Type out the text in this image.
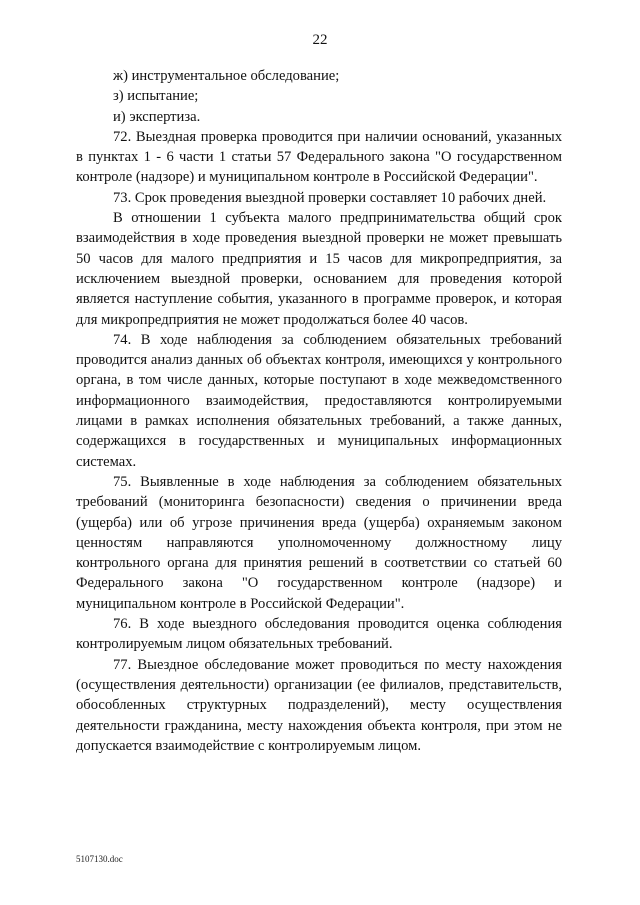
22

ж) инструментальное обследование;

з) испытание;

и) экспертиза.

72. Выездная проверка проводится при наличии оснований, указанных в пунктах 1 - 6 части 1 статьи 57 Федерального закона "О государственном контроле (надзоре) и муниципальном контроле в Российской Федерации".

73. Срок проведения выездной проверки составляет 10 рабочих дней.

В отношении 1 субъекта малого предпринимательства общий срок взаимодействия в ходе проведения выездной проверки не может превышать 50 часов для малого предприятия и 15 часов для микропредприятия, за исключением выездной проверки, основанием для проведения которой является наступление события, указанного в программе проверок, и которая для микропредприятия не может продолжаться более 40 часов.

74. В ходе наблюдения за соблюдением обязательных требований проводится анализ данных об объектах контроля, имеющихся у контрольного органа, в том числе данных, которые поступают в ходе межведомственного информационного взаимодействия, предоставляются контролируемыми лицами в рамках исполнения обязательных требований, а также данных, содержащихся в государственных и муниципальных информационных системах.

75. Выявленные в ходе наблюдения за соблюдением обязательных требований (мониторинга безопасности) сведения о причинении вреда (ущерба) или об угрозе причинения вреда (ущерба) охраняемым законом ценностям направляются уполномоченному должностному лицу контрольного органа для принятия решений в соответствии со статьей 60 Федерального закона "О государственном контроле (надзоре) и муниципальном контроле в Российской Федерации".

76. В ходе выездного обследования проводится оценка соблюдения контролируемым лицом обязательных требований.

77. Выездное обследование может проводиться по месту нахождения (осуществления деятельности) организации (ее филиалов, представительств, обособленных структурных подразделений), месту осуществления деятельности гражданина, месту нахождения объекта контроля, при этом не допускается взаимодействие с контролируемым лицом.

5107130.doc
